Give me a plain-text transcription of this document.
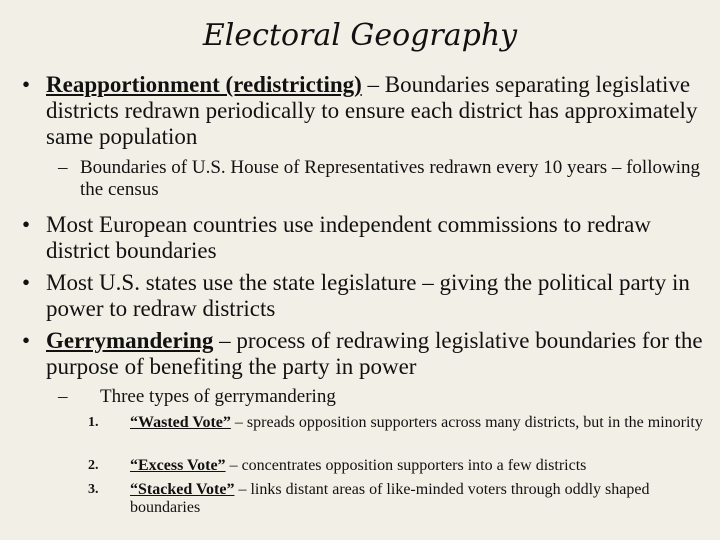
Electoral Geography
• Reapportionment (redistricting) – Boundaries separating legislative districts redrawn periodically to ensure each district has approximately same population
– Boundaries of U.S. House of Representatives redrawn every 10 years – following the census
• Most European countries use independent commissions to redraw district boundaries
• Most U.S. states use the state legislature – giving the political party in power to redraw districts
• Gerrymandering – process of redrawing legislative boundaries for the purpose of benefiting the party in power
– Three types of gerrymandering
1. “Wasted Vote” – spreads opposition supporters across many districts, but in the minority
2. “Excess Vote” – concentrates opposition supporters into a few districts
3. “Stacked Vote” – links distant areas of like-minded voters through oddly shaped boundaries
